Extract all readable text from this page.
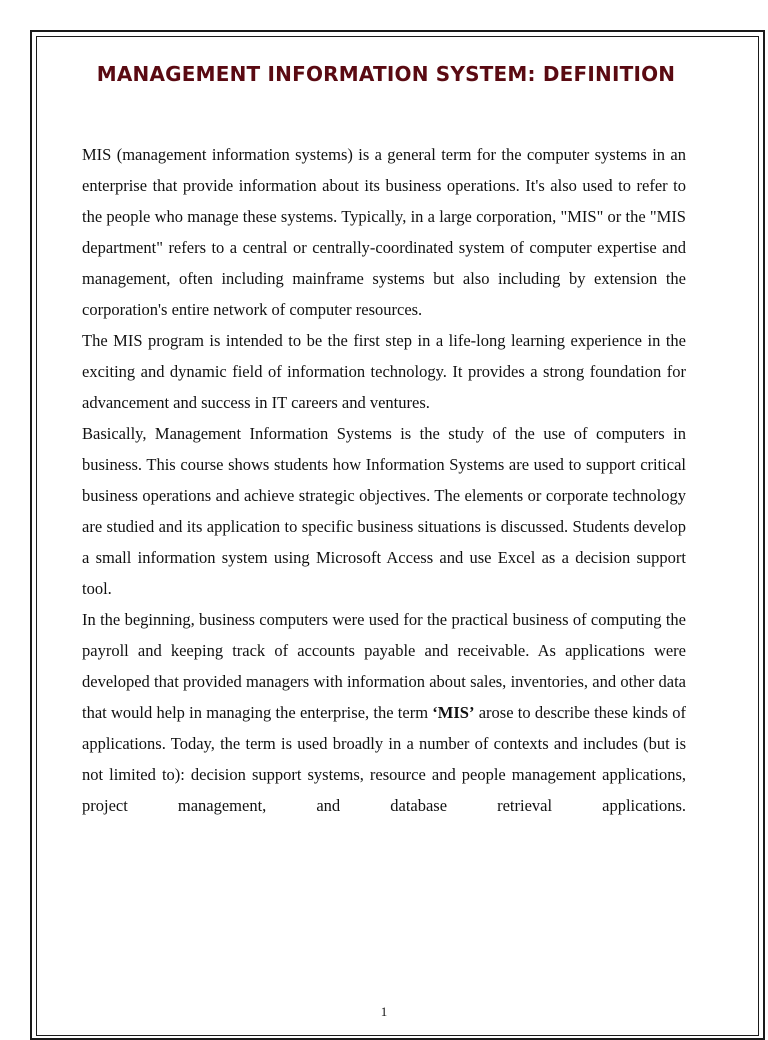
MANAGEMENT INFORMATION SYSTEM: DEFINITION

MIS (management information systems) is a general term for the computer systems in an enterprise that provide information about its business operations. It's also used to refer to the people who manage these systems. Typically, in a large corporation, "MIS" or the "MIS department" refers to a central or centrally-coordinated system of computer expertise and management, often including mainframe systems but also including by extension the corporation's entire network of computer resources.

The MIS program is intended to be the first step in a life-long learning experience in the exciting and dynamic field of information technology. It provides a strong foundation for advancement and success in IT careers and ventures.

Basically, Management Information Systems is the study of the use of computers in business. This course shows students how Information Systems are used to support critical business operations and achieve strategic objectives. The elements or corporate technology are studied and its application to specific business situations is discussed. Students develop a small information system using Microsoft Access and use Excel as a decision support tool.

In the beginning, business computers were used for the practical business of computing the payroll and keeping track of accounts payable and receivable. As applications were developed that provided managers with information about sales, inventories, and other data that would help in managing the enterprise, the term ‘MIS’ arose to describe these kinds of applications. Today, the term is used broadly in a number of contexts and includes (but is not limited to): decision support systems, resource and people management applications, project management, and database retrieval applications.

1
